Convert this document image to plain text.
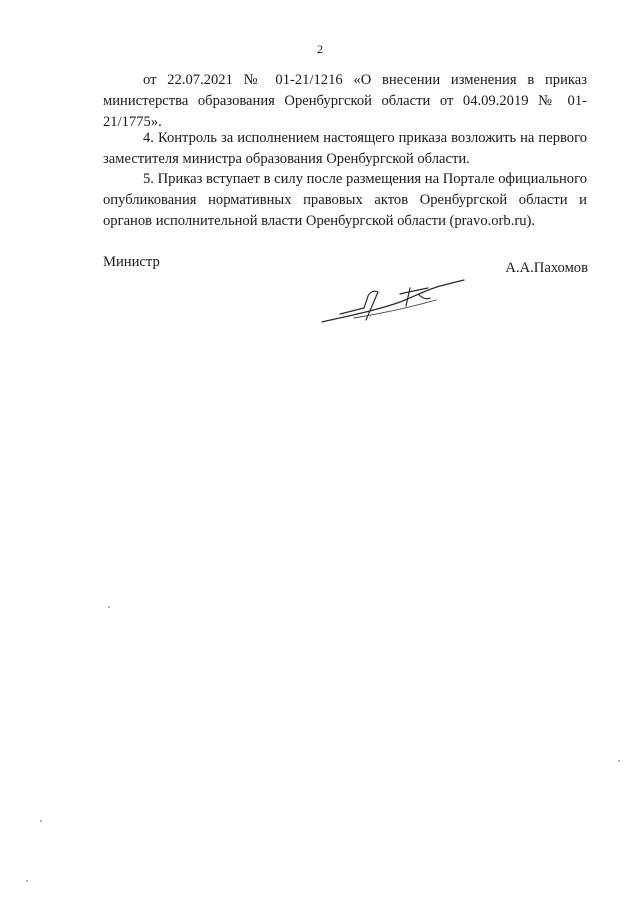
2

от 22.07.2021 № 01-21/1216 «О внесении изменения в приказ министерства образования Оренбургской области от 04.09.2019 № 01-21/1775».

4. Контроль за исполнением настоящего приказа возложить на первого заместителя министра образования Оренбургской области.

5. Приказ вступает в силу после размещения на Портале официального опубликования нормативных правовых актов Оренбургской области и органов исполнительной власти Оренбургской области (pravo.orb.ru).

Министр	А.А.Пахомов
